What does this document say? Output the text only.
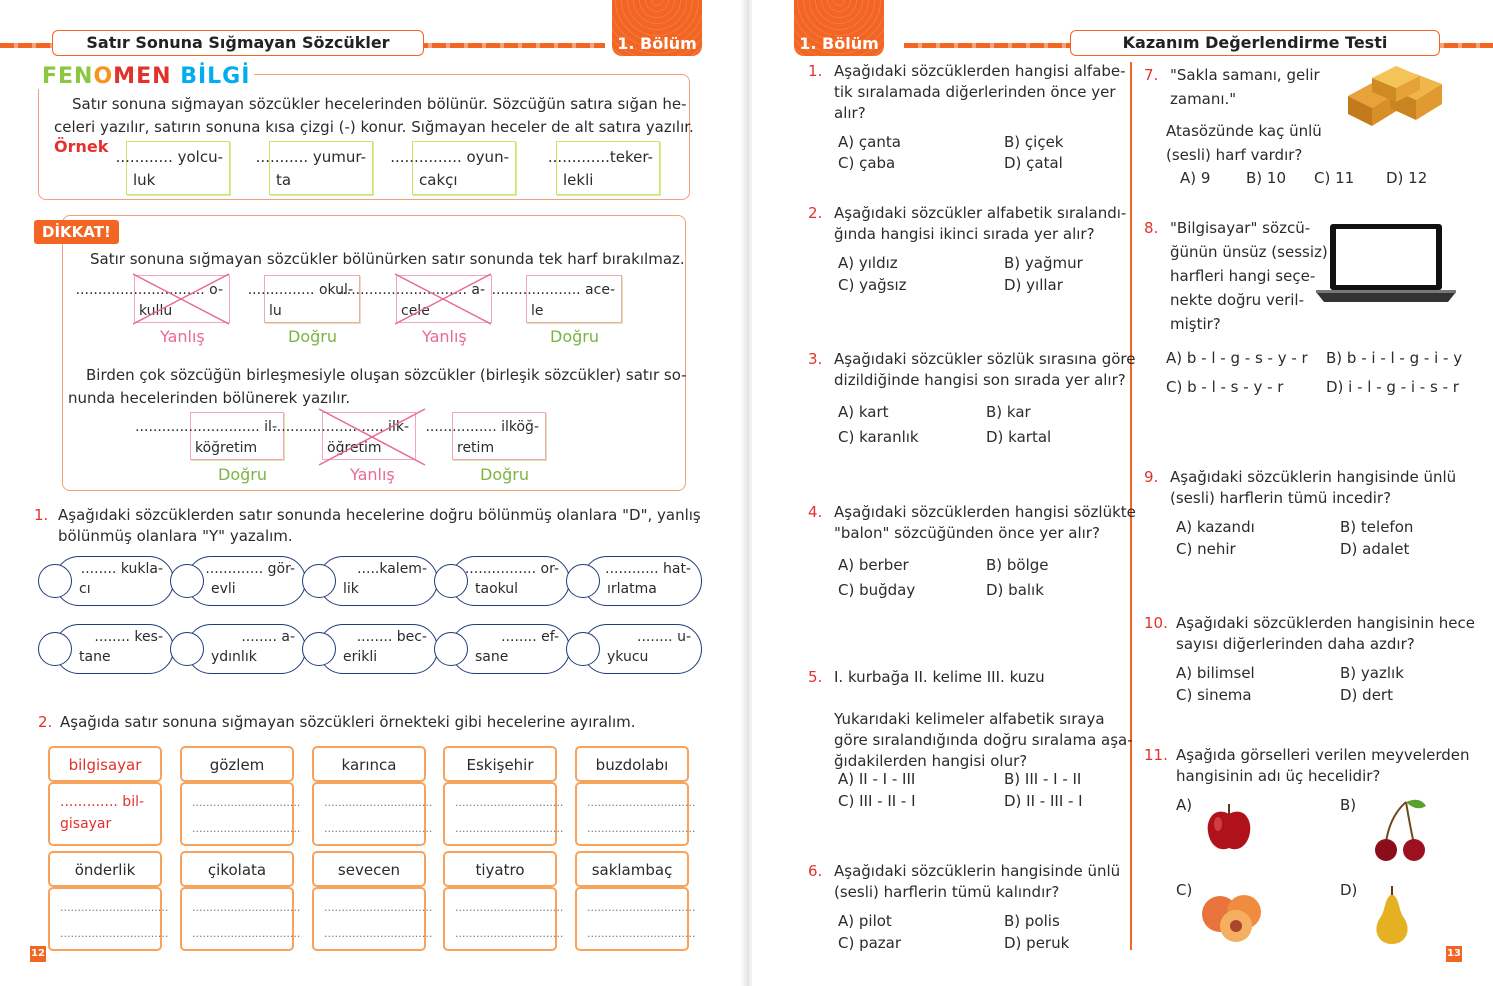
Satır Sonuna Sığmayan Sözcükler	1. Bölüm
FENOMEN BİLGİ
Satır sonuna sığmayan sözcükler hecelerinden bölünür. Sözcüğün satıra sığan he-
celeri yazılır, satırın sonuna kısa çizgi (-) konur. Sığmayan heceler de alt satıra yazılır.
Örnek
DİKKAT!
Satır sonuna sığmayan sözcükler bölünürken satır sonunda tek harf bırakılmaz.
Birden çok sözcüğün birleşmesiyle oluşan sözcükler (birleşik sözcükler) satır so-
nunda hecelerinden bölünerek yazılır.
1. Aşağıdaki sözcüklerden satır sonunda hecelerine doğru bölünmüş olanlara "D", yanlış
bölünmüş olanlara "Y" yazalım.
2. Aşağıda satır sonuna sığmayan sözcükleri örnekteki gibi hecelerine ayıralım.
12
............ yolcu-
luk
........... yumur-
ta
............... oyun-
cakçı
.............teker-
lekli
............................. o-
kullu
Yanlış
............... okul-
lu
Doğru
............................. a-
cele
Yanlış
.................... ace-
le
Doğru
............................ il-
köğretim
Doğru
.......................... ilk-
öğretim
Yanlış
................ ilköğ-
retim
Doğru
........ kukla-
cı
............. gör-
evli
.....kalem-
lik
................ or-
taokul
............ hat-
ırlatma
........ kes-
tane
........ a-
ydınlık
........ bec-
erikli
........ ef-
sane
........ u-
ykucu
bilgisayar
............. bil-
gisayar
gözlem
...............................
...............................
karınca
...............................
...............................
Eskişehir
...............................
...............................
buzdolabı
...............................
...............................
önderlik
...............................
...............................
çikolata
...............................
...............................
sevecen
...............................
...............................
tiyatro
...............................
...............................
saklambaç
...............................
...............................
1. Bölüm	Kazanım Değerlendirme Testi
13
1. Aşağıdaki sözcüklerden hangisi alfabe-
tik sıralamada diğerlerinden önce yer
alır?
A) çanta	B) çiçek
C) çaba	D) çatal
2. Aşağıdaki sözcükler alfabetik sıralandı-
ğında hangisi ikinci sırada yer alır?
A) yıldız	B) yağmur
C) yağsız	D) yıllar
3. Aşağıdaki sözcükler sözlük sırasına göre
dizildiğinde hangisi son sırada yer alır?
A) kart	B) kar
C) karanlık	D) kartal
4. Aşağıdaki sözcüklerden hangisi sözlükte
"balon" sözcüğünden önce yer alır?
A) berber	B) bölge
C) buğday	D) balık
5. I. kurbağa II. kelime III. kuzu
Yukarıdaki kelimeler alfabetik sıraya
göre sıralandığında doğru sıralama aşa-
ğıdakilerden hangisi olur?
A) II - I - III	B) III - I - II
C) III - II - I	D) II - III - I
6. Aşağıdaki sözcüklerin hangisinde ünlü
(sesli) harflerin tümü kalındır?
A) pilot	B) polis
C) pazar	D) peruk
7. "Sakla samanı, gelir
zamanı."
Atasözünde kaç ünlü
(sesli) harf vardır?
A) 9 B) 10 C) 11 D) 12
8. "Bilgisayar" sözcü-
ğünün ünsüz (sessiz)
harfleri hangi seçe-
nekte doğru veril-
miştir?
A) b - l - g - s - y - r B) b - i - l - g - i - y
C) b - l - s - y - r	D) i - l - g - i - s - r
9. Aşağıdaki sözcüklerin hangisinde ünlü
(sesli) harflerin tümü incedir?
A) kazandı	B) telefon
C) nehir	D) adalet
10. Aşağıdaki sözcüklerden hangisinin hece
sayısı diğerlerinden daha azdır?
A) bilimsel	B) yazlık
C) sinema	D) dert
11. Aşağıda görselleri verilen meyvelerden
hangisinin adı üç hecelidir?
A)	B)
C)	D)
